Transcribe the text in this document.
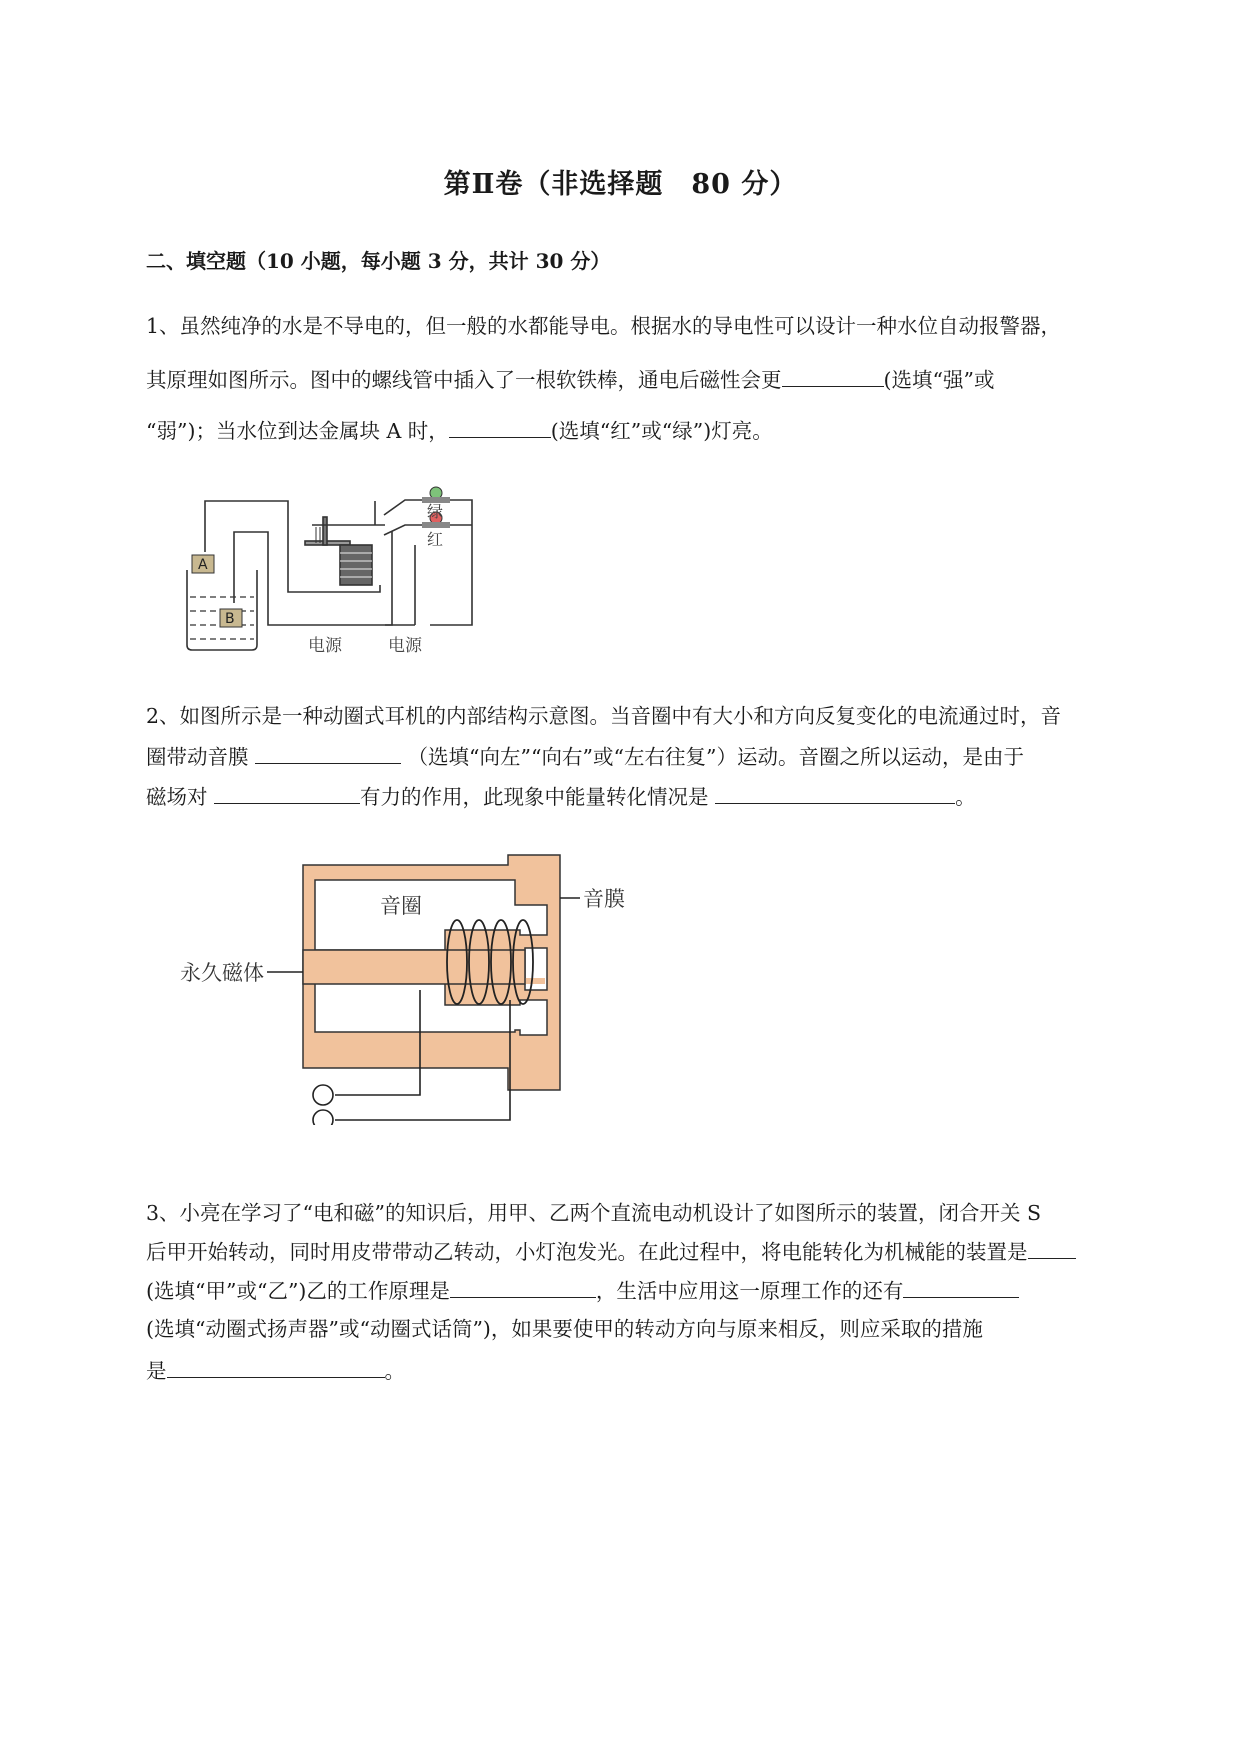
第Ⅱ卷（非选择题　80 分）
二、填空题（10 小题，每小题 3 分，共计 30 分）
1、虽然纯净的水是不导电的，但一般的水都能导电。根据水的导电性可以设计一种水位自动报警器，
其原理如图所示。图中的螺线管中插入了一根软铁棒，通电后磁性会更	(选填“强”或
“弱”)；当水位到达金属块 A 时，	(选填“红”或“绿”)灯亮。
A
B
绿
红
电源	电源
2、如图所示是一种动圈式耳机的内部结构示意图。当音圈中有大小和方向反复变化的电流通过时，音
圈带动音膜	（选填“向左”“向右”或“左右往复”）运动。音圈之所以运动，是由于
磁场对	有力的作用，此现象中能量转化情况是	。
音圈	音膜
永久磁体
3、小亮在学习了“电和磁”的知识后，用甲、乙两个直流电动机设计了如图所示的装置，闭合开关 S
后甲开始转动，同时用皮带带动乙转动，小灯泡发光。在此过程中，将电能转化为机械能的装置是
(选填“甲”或“乙”)乙的工作原理是	，生活中应用这一原理工作的还有
(选填“动圈式扬声器”或“动圈式话筒”)，如果要使甲的转动方向与原来相反，则应采取的措施
是	。
